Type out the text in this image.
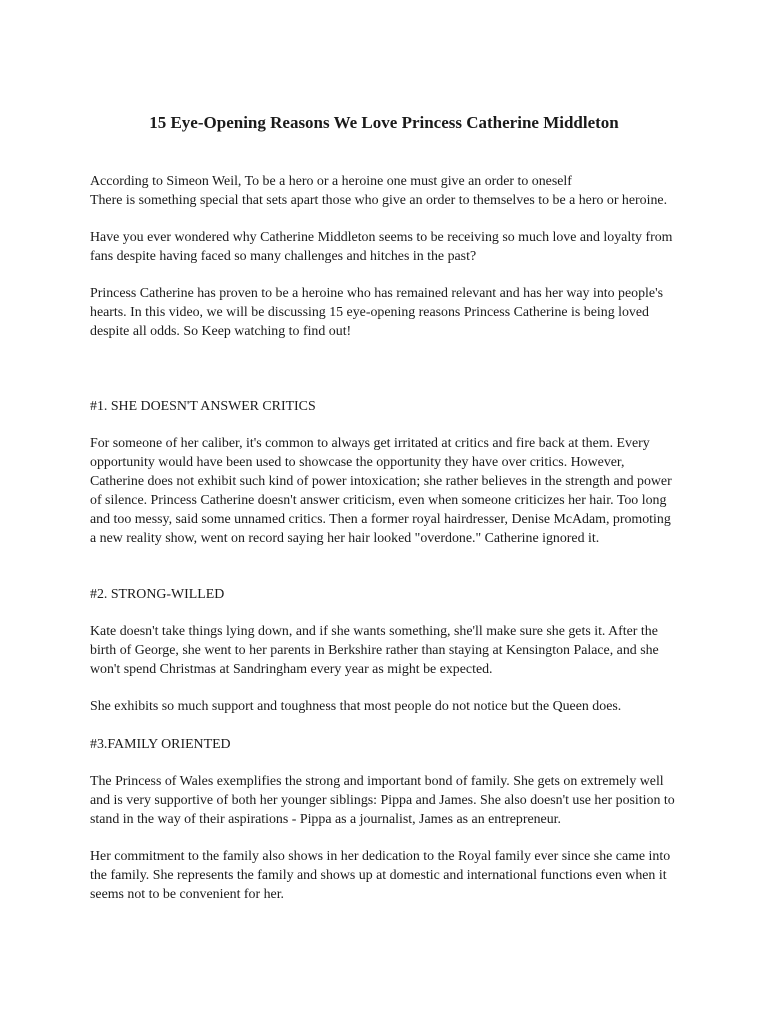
15 Eye-Opening Reasons We Love Princess Catherine Middleton

According to Simeon Weil, To be a hero or a heroine one must give an order to oneself
There is something special that sets apart those who give an order to themselves to be a hero or heroine.

Have you ever wondered why Catherine Middleton seems to be receiving so much love and loyalty from
fans despite having faced so many challenges and hitches in the past?

Princess Catherine has proven to be a heroine who has remained relevant and has her way into people's
hearts. In this video, we will be discussing 15 eye-opening reasons Princess Catherine is being loved
despite all odds. So Keep watching to find out!

#1. SHE DOESN'T ANSWER CRITICS

For someone of her caliber, it's common to always get irritated at critics and fire back at them. Every
opportunity would have been used to showcase the opportunity they have over critics. However,
Catherine does not exhibit such kind of power intoxication; she rather believes in the strength and power
of silence. Princess Catherine doesn't answer criticism, even when someone criticizes her hair. Too long
and too messy, said some unnamed critics. Then a former royal hairdresser, Denise McAdam, promoting
a new reality show, went on record saying her hair looked "overdone." Catherine ignored it.

#2. STRONG-WILLED

Kate doesn't take things lying down, and if she wants something, she'll make sure she gets it. After the
birth of George, she went to her parents in Berkshire rather than staying at Kensington Palace, and she
won't spend Christmas at Sandringham every year as might be expected.

She exhibits so much support and toughness that most people do not notice but the Queen does.

#3.FAMILY ORIENTED

The Princess of Wales exemplifies the strong and important bond of family. She gets on extremely well
and is very supportive of both her younger siblings: Pippa and James. She also doesn't use her position to
stand in the way of their aspirations - Pippa as a journalist, James as an entrepreneur.

Her commitment to the family also shows in her dedication to the Royal family ever since she came into
the family. She represents the family and shows up at domestic and international functions even when it
seems not to be convenient for her.
